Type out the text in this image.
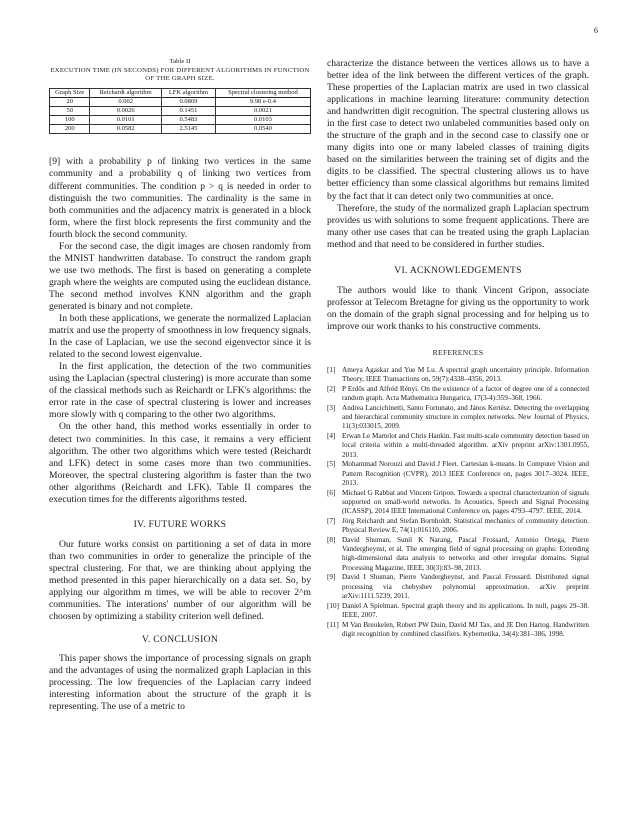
6
Table II
EXECUTION TIME (IN SECONDS) FOR DIFFERENT ALGORITHMS IN FUNCTION OF THE GRAPH SIZE.
Graph Size	Reichardt algorithm	LFK algorithm	Spectral clustering method
20	0.002	0.0869	9.98 e-0.4
50	0.0026	0.1451	0.0021
100	0.0101	0.5483	0.0103
200	0.0582	2.5145	0.0540

[9] with a probability p of linking two vertices in the same community and a probability q of linking two vertices from different communities. The condition p > q is needed in order to distinguish the two communities. The cardinality is the same in both communities and the adjacency matrix is generated in a block form, where the first block represents the first community and the fourth block the second community.

For the second case, the digit images are chosen randomly from the MNIST handwritten database. To construct the random graph we use two methods. The first is based on generating a complete graph where the weights are computed using the euclidean distance. The second method involves KNN algorithm and the graph generated is binary and not complete.

In both these applications, we generate the normalized Laplacian matrix and use the property of smoothness in low frequency signals. In the case of Laplacian, we use the second eigenvector since it is related to the second lowest eigenvalue.

In the first application, the detection of the two communities using the Laplacian (spectral clustering) is more accurate than some of the classical methods such as Reichardt or LFK's algorithms: the error rate in the case of spectral clustering is lower and increases more slowly with q comparing to the other two algorithms.

On the other hand, this method works essentially in order to detect two comminities. In this case, it remains a very efficient algorithm. The other two algorithms which were tested (Reichardt and LFK) detect in some cases more than two communities. Moreover, the spectral clustering algorithm is faster than the two other algorithms (Reichardt and LFK). Table II compares the execution times for the differents algorithms tested.

IV. FUTURE WORKS

Our future works consist on partitioning a set of data in more than two communities in order to generalize the principle of the spectral clustering. For that, we are thinking about applying the method presented in this paper hierarchically on a data set. So, by applying our algorithm m times, we will be able to recover 2^m communities. The interations' number of our algorithm will be choosen by optimizing a stability criterion well defined.

V. CONCLUSION

This paper shows the importance of processing signals on graph and the advantages of using the normalized graph Laplacian in this processing. The low frequencies of the Laplacian carry indeed interesting information about the structure of the graph it is representing. The use of a metric to

characterize the distance between the vertices allows us to have a better idea of the link between the different vertices of the graph. These properties of the Laplacian matrix are used in two classical applications in machine learning literature: community detection and handwritten digit recognition. The spectral clustering allows us in the first case to detect two unlabeled communities based only on the structure of the graph and in the second case to classify one or many digits into one or many labeled classes of training digits based on the similarities between the training set of digits and the digits to be classified. The spectral clustering allows us to have better efficiency than some classical algorithms but remains limited by the fact that it can detect only two communities at once.

Therefore, the study of the normalized graph Laplacian spectrum provides us with solutions to some frequent applications. There are many other use cases that can be treated using the graph Laplacian method and that need to be considered in further studies.

VI. ACKNOWLEDGEMENTS

The authors would like to thank Vincent Gripon, associate professor at Telecom Bretagne for giving us the opportunity to work on the domain of the graph signal processing and for helping us to improve our work thanks to his constructive comments.

REFERENCES
[1] Ameya Agaskar and Yue M Lu. A spectral graph uncertainty principle. Information Theory, IEEE Transactions on, 59(7):4338–4356, 2013.
[2] P Erdős and Alfréd Rényi. On the existence of a factor of degree one of a connected random graph. Acta Mathematica Hungarica, 17(3-4):359–368, 1966.
[3] Andrea Lancichinetti, Santo Fortunato, and János Kertész. Detecting the overlapping and hierarchical community structure in complex networks. New Journal of Physics, 11(3):033015, 2009.
[4] Erwan Le Martelot and Chris Hankin. Fast multi-scale community detection based on local criteria within a multi-threaded algorithm. arXiv preprint arXiv:1301.0955, 2013.
[5] Mohammad Norouzi and David J Fleet. Cartesian k-means. In Computer Vision and Pattern Recognition (CVPR), 2013 IEEE Conference on, pages 3017–3024. IEEE, 2013.
[6] Michael G Rabbat and Vincent Gripon. Towards a spectral characterization of signals supported on small-world networks. In Acoustics, Speech and Signal Processing (ICASSP), 2014 IEEE International Conference on, pages 4793–4797. IEEE, 2014.
[7] Jörg Reichardt and Stefan Bornholdt. Statistical mechanics of community detection. Physical Review E, 74(1):016110, 2006.
[8] David Shuman, Sunil K Narang, Pascal Frossard, Antonio Ortega, Pierre Vandergheynst, et al. The emerging field of signal processing on graphs: Extending high-dimensional data analysis to networks and other irregular domains. Signal Processing Magazine, IEEE, 30(3):83–98, 2013.
[9] David I Shuman, Pierre Vandergheynst, and Pascal Frossard. Distributed signal processing via chebyshev polynomial approximation. arXiv preprint arXiv:1111.5239, 2011.
[10] Daniel A Spielman. Spectral graph theory and its applications. In null, pages 29–38. IEEE, 2007.
[11] M Van Breukelen, Robert PW Duin, David MJ Tax, and JE Den Hartog. Handwritten digit recognition by combined classifiers. Kybernetika, 34(4):381–386, 1998.
